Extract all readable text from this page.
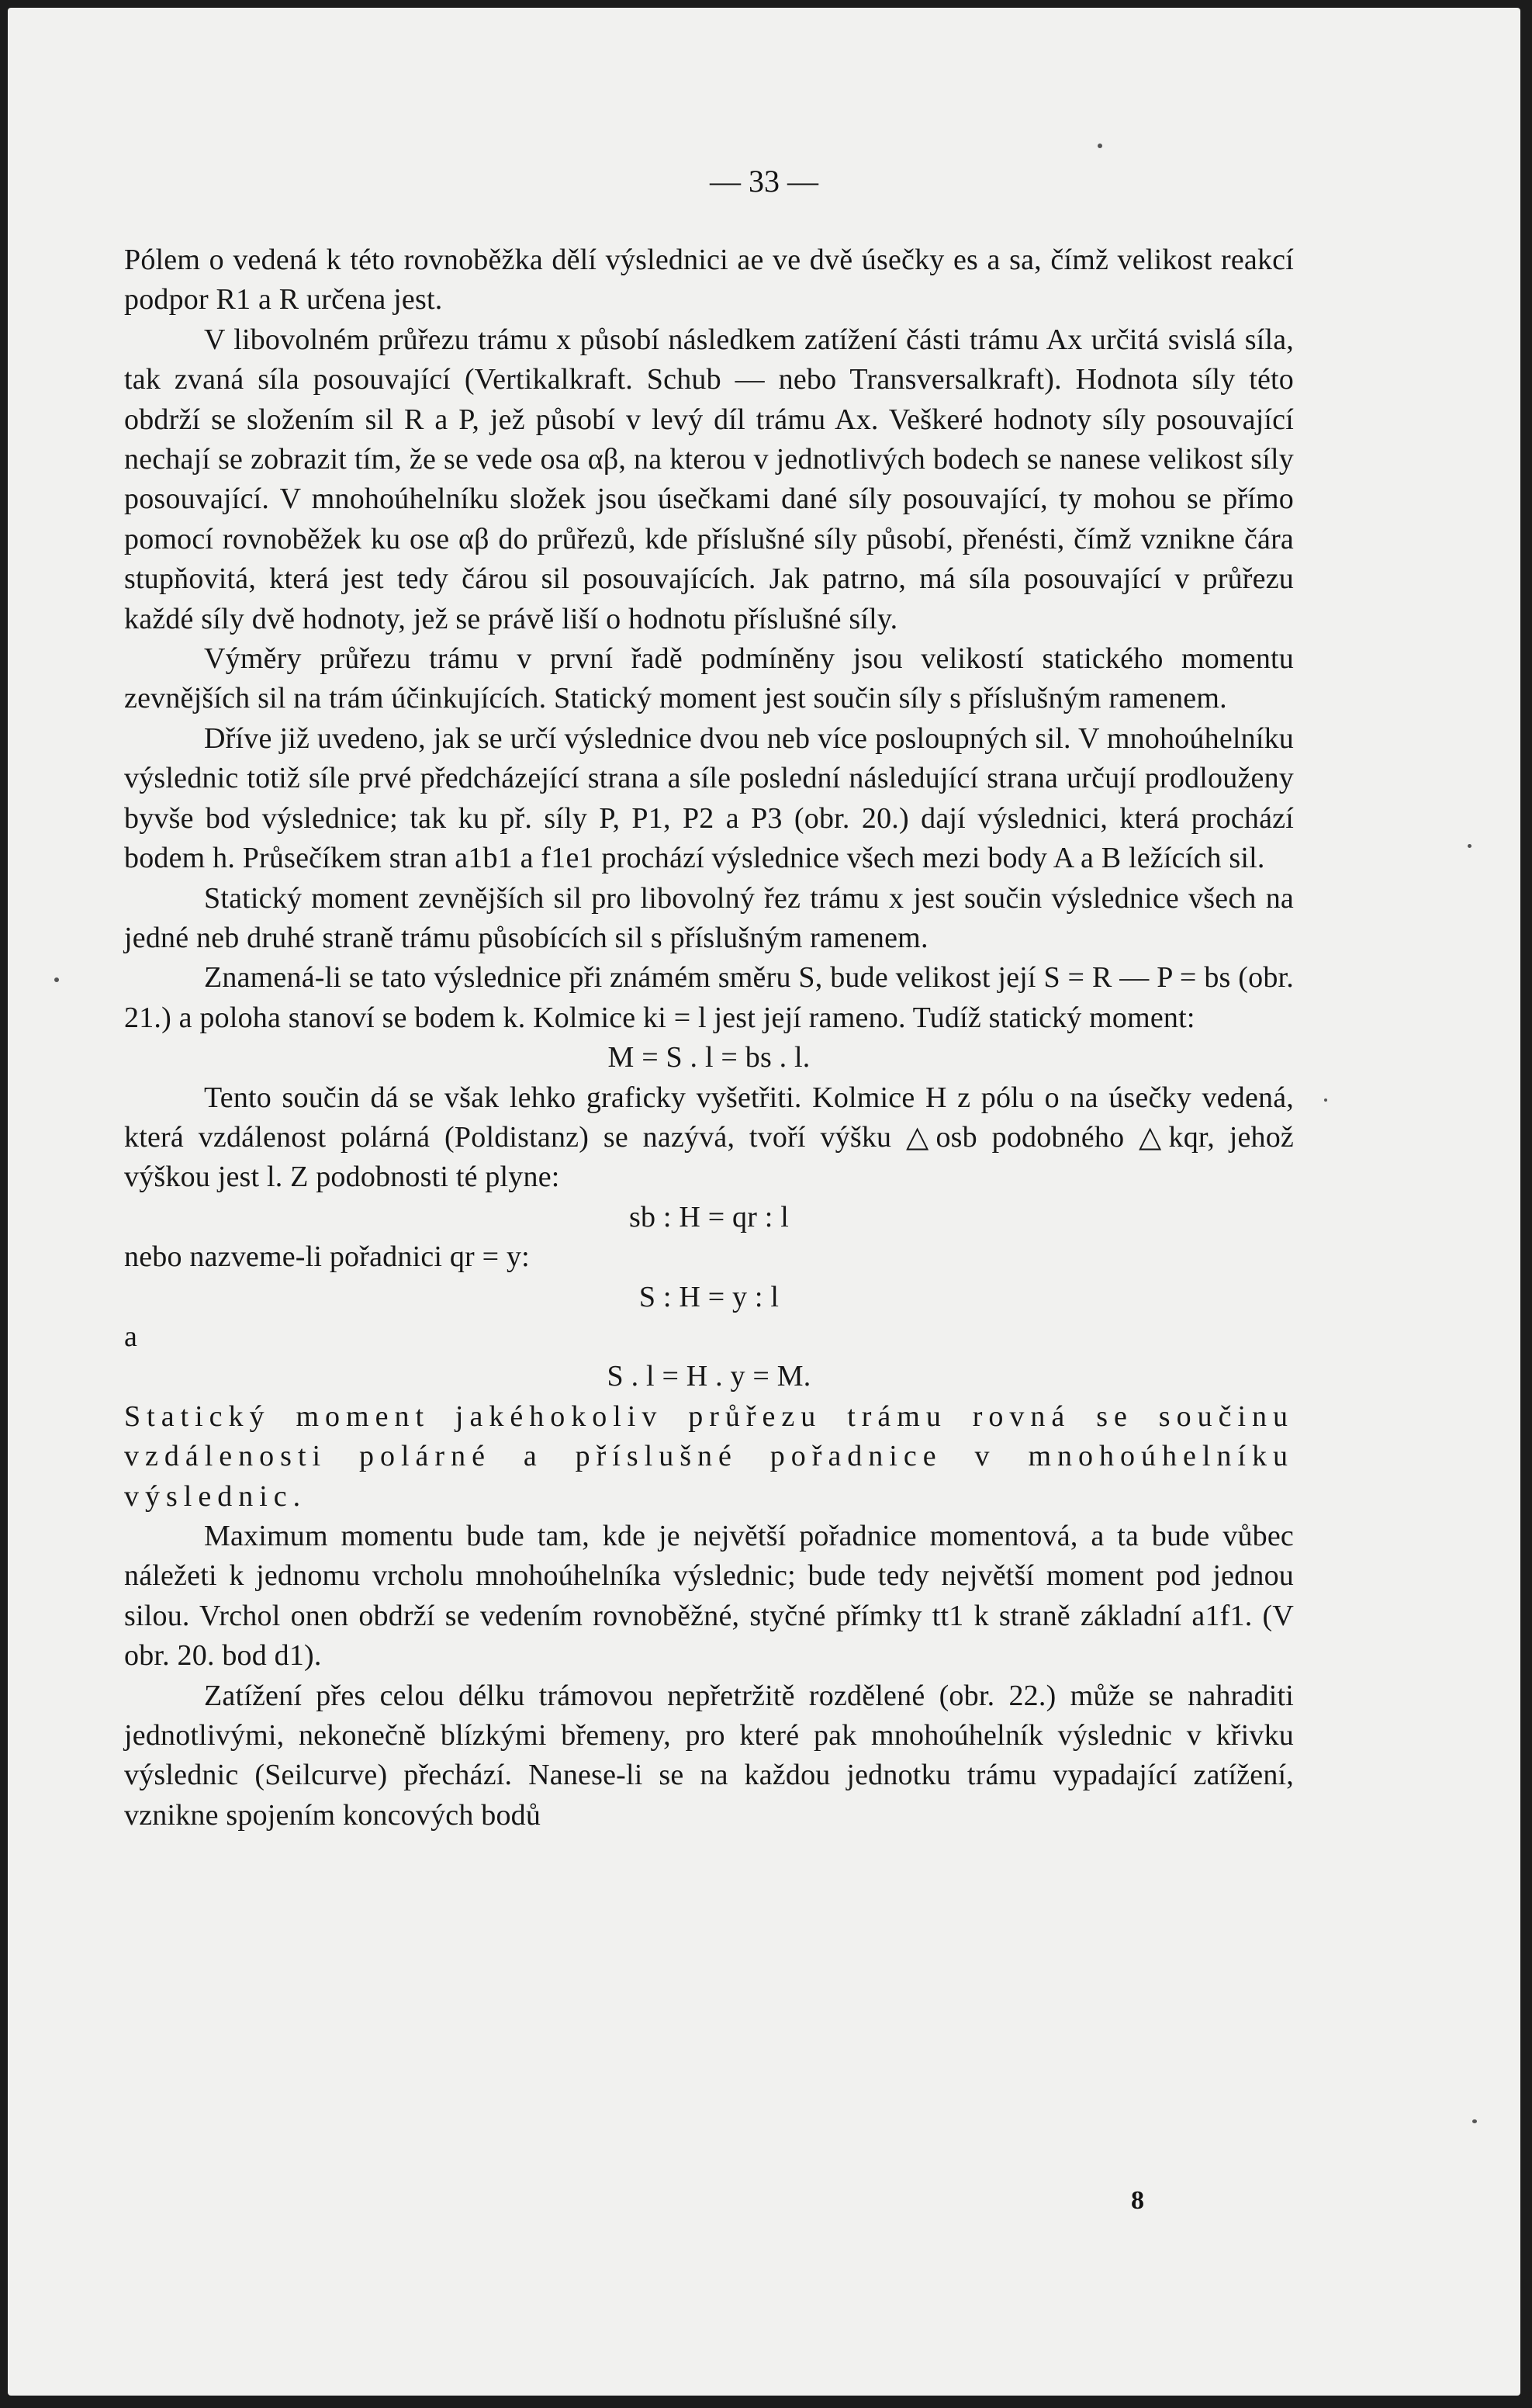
— 33 —

Pólem o vedená k této rovnoběžka dělí výslednici ae ve dvě úsečky es a sa, čímž velikost reakcí podpor R1 a R určena jest.

V libovolném průřezu trámu x působí následkem zatížení části trámu Ax určitá svislá síla, tak zvaná síla posouvající (Vertikalkraft. Schub — nebo Transversalkraft). Hodnota síly této obdrží se složením sil R a P, jež působí v levý díl trámu Ax. Veškeré hodnoty síly posouvající nechají se zobrazit tím, že se vede osa αβ, na kterou v jednotlivých bodech se nanese velikost síly posouvající. V mnohoúhelníku složek jsou úsečkami dané síly posouvající, ty mohou se přímo pomocí rovnoběžek ku ose αβ do průřezů, kde příslušné síly působí, přenésti, čímž vznikne čára stupňovitá, která jest tedy čárou sil posouvajících. Jak patrno, má síla posouvající v průřezu každé síly dvě hodnoty, jež se právě liší o hodnotu příslušné síly.

Výměry průřezu trámu v první řadě podmíněny jsou velikostí statického momentu zevnějších sil na trám účinkujících. Statický moment jest součin síly s příslušným ramenem.

Dříve již uvedeno, jak se určí výslednice dvou neb více posloupných sil. V mnohoúhelníku výslednic totiž síle prvé předcházející strana a síle poslední následující strana určují prodlouženy byvše bod výslednice; tak ku př. síly P, P1, P2 a P3 (obr. 20.) dají výslednici, která prochází bodem h. Průsečíkem stran a1b1 a f1e1 prochází výslednice všech mezi body A a B ležících sil.

Statický moment zevnějších sil pro libovolný řez trámu x jest součin výslednice všech na jedné neb druhé straně trámu působících sil s příslušným ramenem.

Znamená-li se tato výslednice při známém směru S, bude velikost její S = R — P = bs (obr. 21.) a poloha stanoví se bodem k. Kolmice ki = l jest její rameno. Tudíž statický moment:

M = S . l = bs . l.

Tento součin dá se však lehko graficky vyšetřiti. Kolmice H z pólu o na úsečky vedená, která vzdálenost polárná (Poldistanz) se nazývá, tvoří výšku △osb podobného △kqr, jehož výškou jest l. Z podobnosti té plyne:

sb : H = qr : l

nebo nazveme-li pořadnici qr = y:

S : H = y : l

a

S . l = H . y = M.

Statický moment jakéhokoliv průřezu trámu rovná se součinu vzdálenosti polárné a příslušné pořadnice v mnohoúhelníku výslednic.

Maximum momentu bude tam, kde je největší pořadnice momentová, a ta bude vůbec náležeti k jednomu vrcholu mnohoúhelníka výslednic; bude tedy největší moment pod jednou silou. Vrchol onen obdrží se vedením rovnoběžné, styčné přímky tt1 k straně základní a1f1. (V obr. 20. bod d1).

Zatížení přes celou délku trámovou nepřetržitě rozdělené (obr. 22.) může se nahraditi jednotlivými, nekonečně blízkými břemeny, pro které pak mnohoúhelník výslednic v křivku výslednic (Seilcurve) přechází. Nanese-li se na každou jednotku trámu vypadající zatížení, vznikne spojením koncových bodů

8
